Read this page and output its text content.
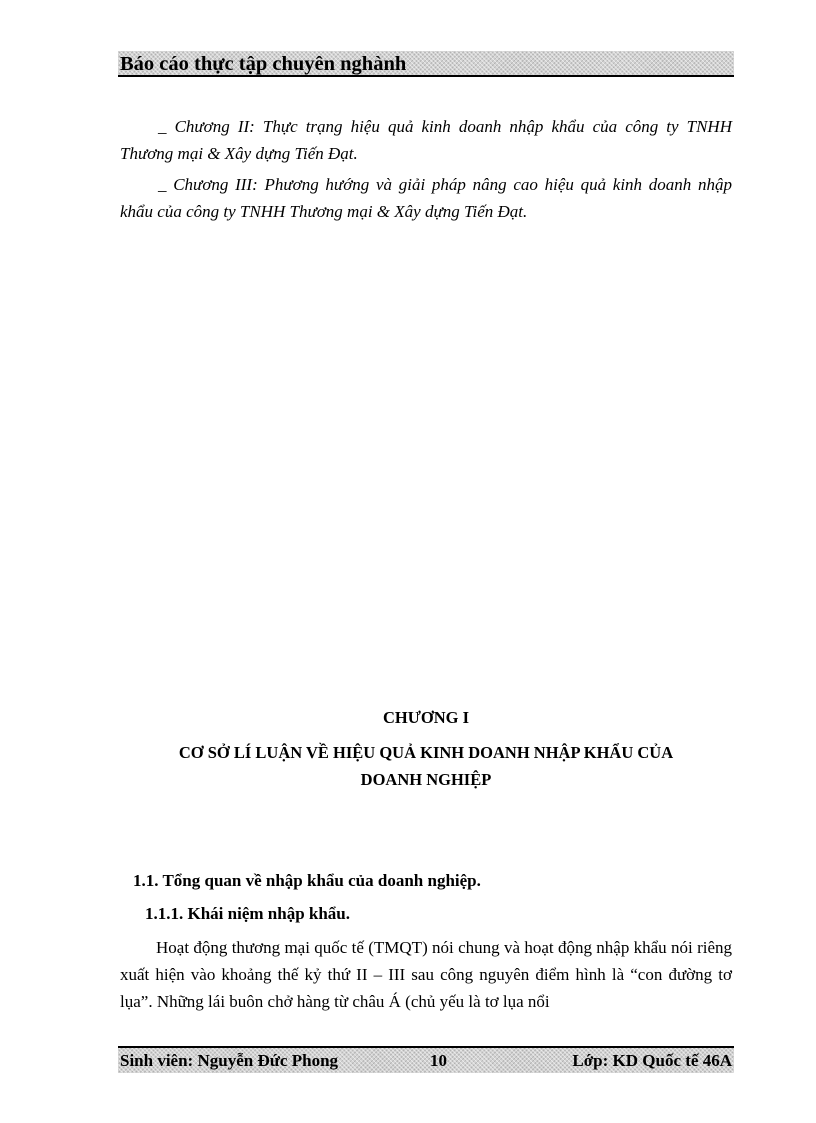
Báo cáo thực tập chuyên nghành

_ Chương II: Thực trạng hiệu quả kinh doanh nhập khẩu của công ty TNHH Thương mại & Xây dựng Tiến Đạt.

_ Chương III: Phương hướng và giải pháp nâng cao hiệu quả kinh doanh nhập khẩu của công ty TNHH Thương mại & Xây dựng Tiến Đạt.

CHƯƠNG I
CƠ SỞ LÍ LUẬN VỀ HIỆU QUẢ KINH DOANH NHẬP KHẨU CỦA
DOANH NGHIỆP
1.1. Tổng quan về nhập khẩu của doanh nghiệp.
1.1.1. Khái niệm nhập khẩu.

Hoạt động thương mại quốc tế (TMQT) nói chung và hoạt động nhập khẩu nói riêng xuất hiện vào khoảng thế kỷ thứ II – III sau công nguyên điểm hình là “con đường tơ lụa”. Những lái buôn chở hàng từ châu Á (chủ yếu là tơ lụa nổi

Sinh viên: Nguyễn Đức Phong	10	Lớp: KD Quốc tế 46A
